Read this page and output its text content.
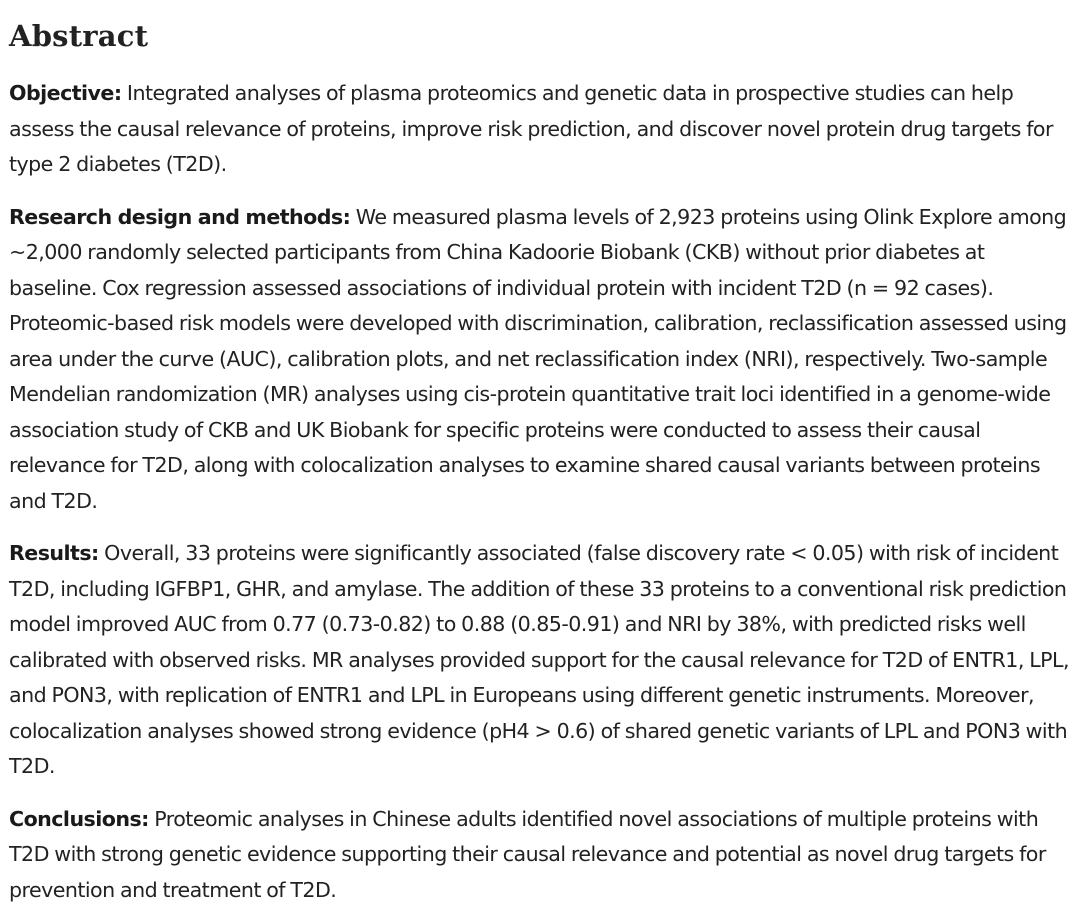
Abstract

Objective: Integrated analyses of plasma proteomics and genetic data in prospective studies can help assess the causal relevance of proteins, improve risk prediction, and discover novel protein drug targets for type 2 diabetes (T2D).

Research design and methods: We measured plasma levels of 2,923 proteins using Olink Explore among ~2,000 randomly selected participants from China Kadoorie Biobank (CKB) without prior diabetes at baseline. Cox regression assessed associations of individual protein with incident T2D (n = 92 cases). Proteomic-based risk models were developed with discrimination, calibration, reclassification assessed using area under the curve (AUC), calibration plots, and net reclassification index (NRI), respectively. Two-sample Mendelian randomization (MR) analyses using cis-protein quantitative trait loci identified in a genome-wide association study of CKB and UK Biobank for specific proteins were conducted to assess their causal relevance for T2D, along with colocalization analyses to examine shared causal variants between proteins and T2D.

Results: Overall, 33 proteins were significantly associated (false discovery rate < 0.05) with risk of incident T2D, including IGFBP1, GHR, and amylase. The addition of these 33 proteins to a conventional risk prediction model improved AUC from 0.77 (0.73-0.82) to 0.88 (0.85-0.91) and NRI by 38%, with predicted risks well calibrated with observed risks. MR analyses provided support for the causal relevance for T2D of ENTR1, LPL, and PON3, with replication of ENTR1 and LPL in Europeans using different genetic instruments. Moreover, colocalization analyses showed strong evidence (pH4 > 0.6) of shared genetic variants of LPL and PON3 with T2D.

Conclusions: Proteomic analyses in Chinese adults identified novel associations of multiple proteins with T2D with strong genetic evidence supporting their causal relevance and potential as novel drug targets for prevention and treatment of T2D.
